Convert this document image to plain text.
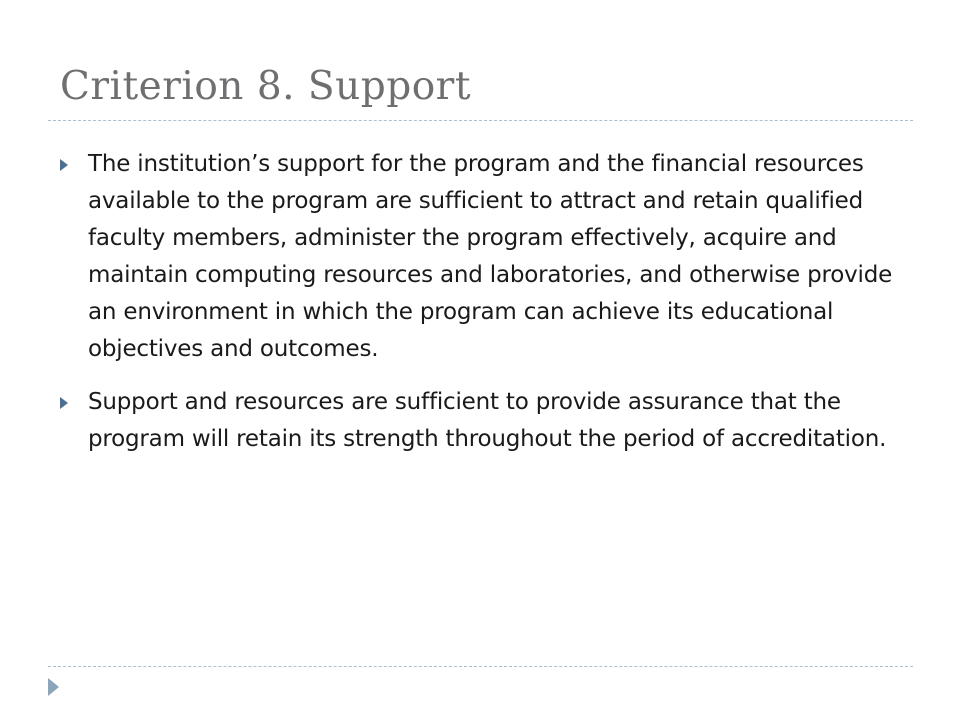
Criterion 8. Support
The institution’s support for the program and the financial resources available to the program are sufficient to attract and retain qualified faculty members, administer the program effectively, acquire and maintain computing resources and laboratories, and otherwise provide an environment in which the program can achieve its educational objectives and outcomes.
Support and resources are sufficient to provide assurance that the program will retain its strength throughout the period of accreditation.
